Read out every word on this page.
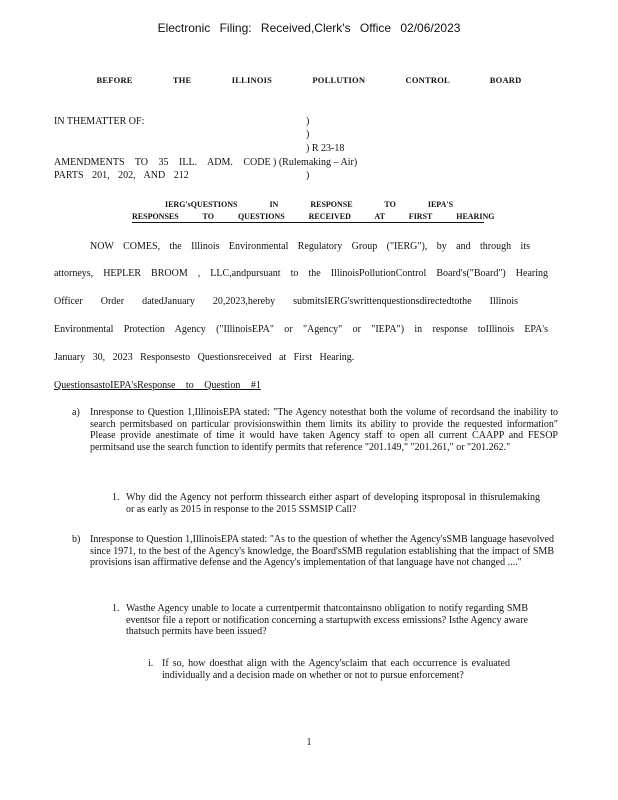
Electronic Filing: Received,Clerk's Office 02/06/2023
BEFORE THE ILLINOIS POLLUTION CONTROL BOARD
IN THEMATTER OF:
AMENDMENTS TO 35 ILL. ADM. CODE
PARTS 201, 202, AND 212
)
)
) R 23-18
) (Rulemaking – Air)
)
IERG'sQUESTIONS IN RESPONSE TO IEPA'S
RESPONSES TO QUESTIONS RECEIVED AT FIRST HEARING
NOW COMES, the Illinois Environmental Regulatory Group ("IERG"), by and through its
attorneys, HEPLER BROOM , LLC,andpursuant to the IllinoisPollutionControl Board's("Board") Hearing
Officer Order datedJanuary 20,2023,hereby submitsIERG'swrittenquestionsdirectedtothe Illinois
Environmental Protection Agency ("IllinoisEPA" or "Agency" or "IEPA") in response toIllinois EPA's
January 30, 2023 Responsesto Questionsreceived at First Hearing.
QuestionsastoIEPA'sResponse to Question #1
a) Inresponse to Question 1,IllinoisEPA stated: "The Agency notesthat both the volume of recordsand the inability to search permitsbased on particular provisionswithin them limits its ability to provide the requested information" Please provide anestimate of time it would have taken Agency staff to open all current CAAPP and FESOP permitsand use the search function to identify permits that reference "201.149," "201.261," or "201.262."
1. Why did the Agency not perform thissearch either aspart of developing itsproposal in thisrulemaking or as early as 2015 in response to the 2015 SSMSIP Call?
b) Inresponse to Question 1,IllinoisEPA stated: "As to the question of whether the Agency'sSMB language hasevolved since 1971, to the best of the Agency's knowledge, the Board'sSMB regulation establishing that the impact of SMB provisions isan affirmative defense and the Agency's implementation of that language have not changed ...."
1. Wasthe Agency unable to locate a currentpermit thatcontainsno obligation to notify regarding SMB eventsor file a report or notification concerning a startupwith excess emissions? Isthe Agency aware thatsuch permits have been issued?
i. If so, how doesthat align with the Agency'sclaim that each occurrence is evaluated individually and a decision made on whether or not to pursue enforcement?
1
